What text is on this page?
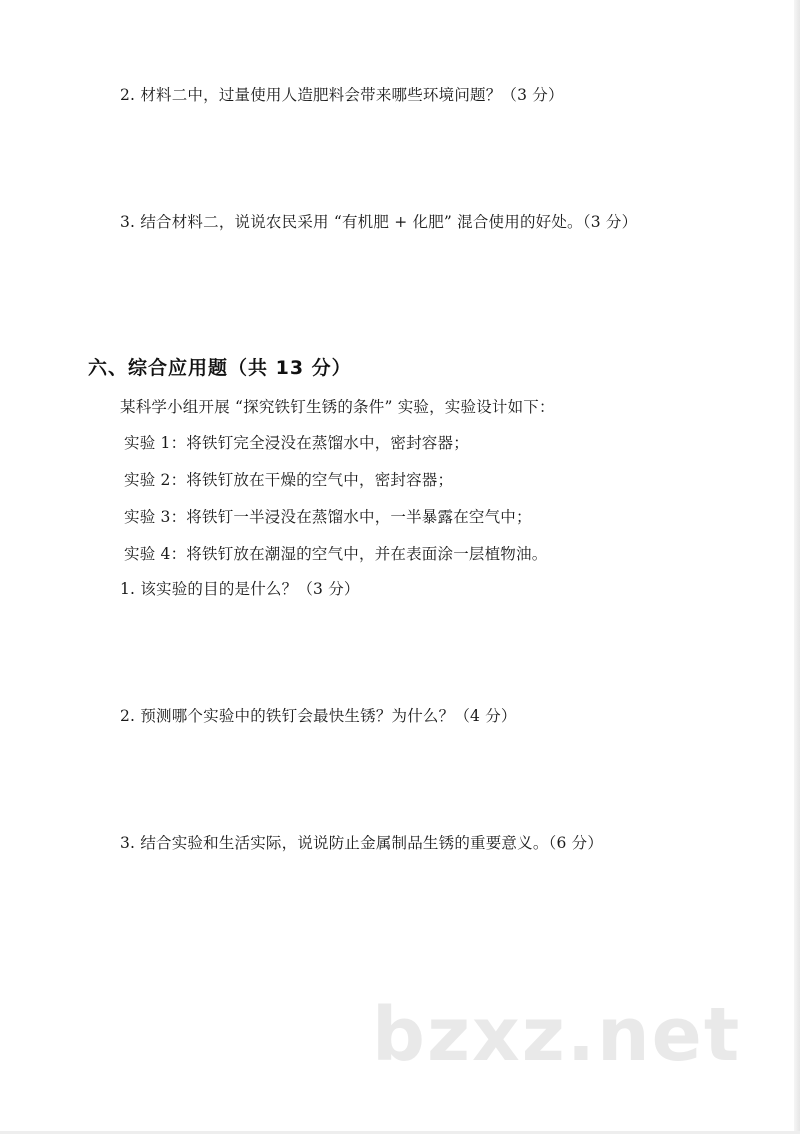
2. 材料二中，过量使用人造肥料会带来哪些环境问题？（3 分）
3. 结合材料二，说说农民采用 “有机肥 + 化肥” 混合使用的好处。（3 分）
六、综合应用题（共 13 分）
某科学小组开展 “探究铁钉生锈的条件” 实验，实验设计如下：
实验 1：将铁钉完全浸没在蒸馏水中，密封容器；
实验 2：将铁钉放在干燥的空气中，密封容器；
实验 3：将铁钉一半浸没在蒸馏水中，一半暴露在空气中；
实验 4：将铁钉放在潮湿的空气中，并在表面涂一层植物油。
1. 该实验的目的是什么？（3 分）
2. 预测哪个实验中的铁钉会最快生锈？为什么？（4 分）
3. 结合实验和生活实际，说说防止金属制品生锈的重要意义。（6 分）
bzxz.net
